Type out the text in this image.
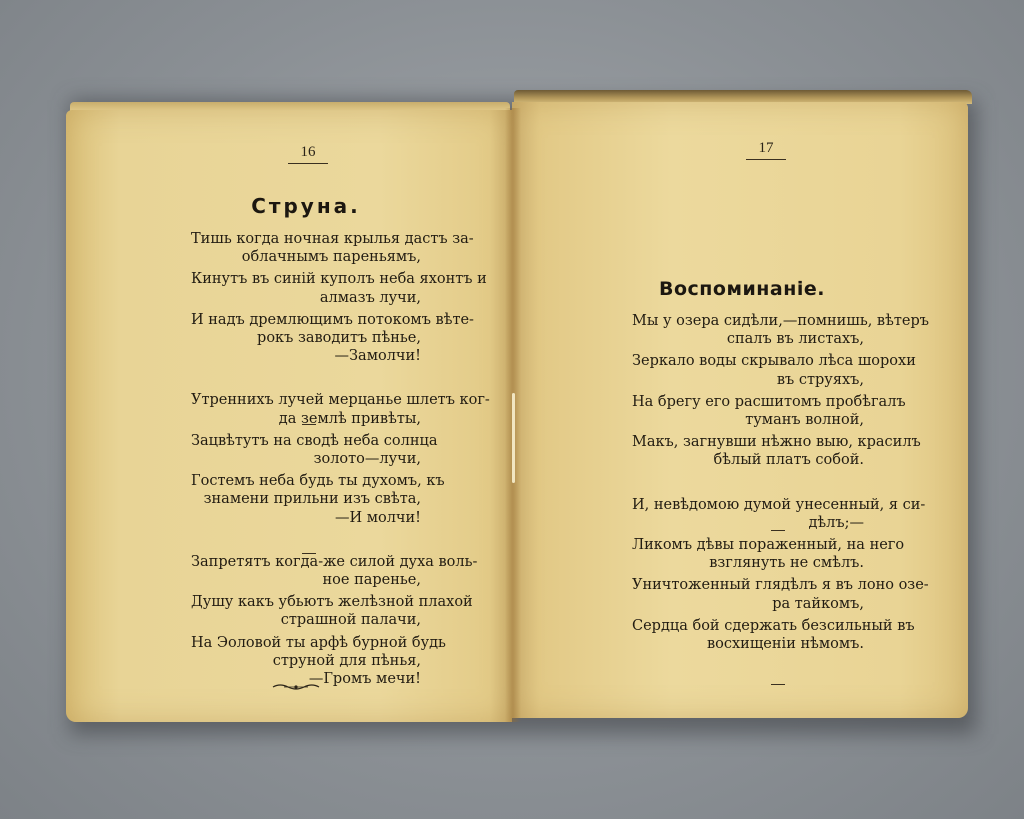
16
Струна.
Тишь когда ночная крылья дастъ за-
облачнымъ пареньямъ,
Кинутъ въ синій куполъ неба яхонтъ и
алмазъ лучи,
И надъ дремлющимъ потокомъ вѣте-
рокъ заводитъ пѣнье,
—Замолчи!
Утреннихъ лучей мерцанье шлетъ ког-
да землѣ привѣты,
Зацвѣтутъ на сводѣ неба солнца
золото—лучи,
Гостемъ неба будь ты духомъ, къ
знамени прильни изъ свѣта,
—И молчи!
Запретятъ когда-же силой духа воль-
ное пареньe,
Душу какъ убьютъ желѣзной плахой
страшной палачи,
На Эоловой ты арфѣ бурной будь
струной для пѣнья,
—Громъ мечи!
17
Воспоминаніе.
Мы у озера сидѣли,—помнишь, вѣтеръ
спалъ въ листахъ,
Зеркало воды скрывало лѣса шорохи
въ струяхъ,
На брегу его расшитомъ пробѣгалъ
туманъ волной,
Макъ, загнувши нѣжно выю, красилъ
бѣлый платъ собой.
И, невѣдомою думой унесенный, я си-
дѣлъ;—
Ликомъ дѣвы пораженный, на него
взглянуть не смѣлъ.
Уничтоженный глядѣлъ я въ лоно озе-
ра тайкомъ,
Сердца бой сдержать безсильный въ
восхищеніи нѣмомъ.
